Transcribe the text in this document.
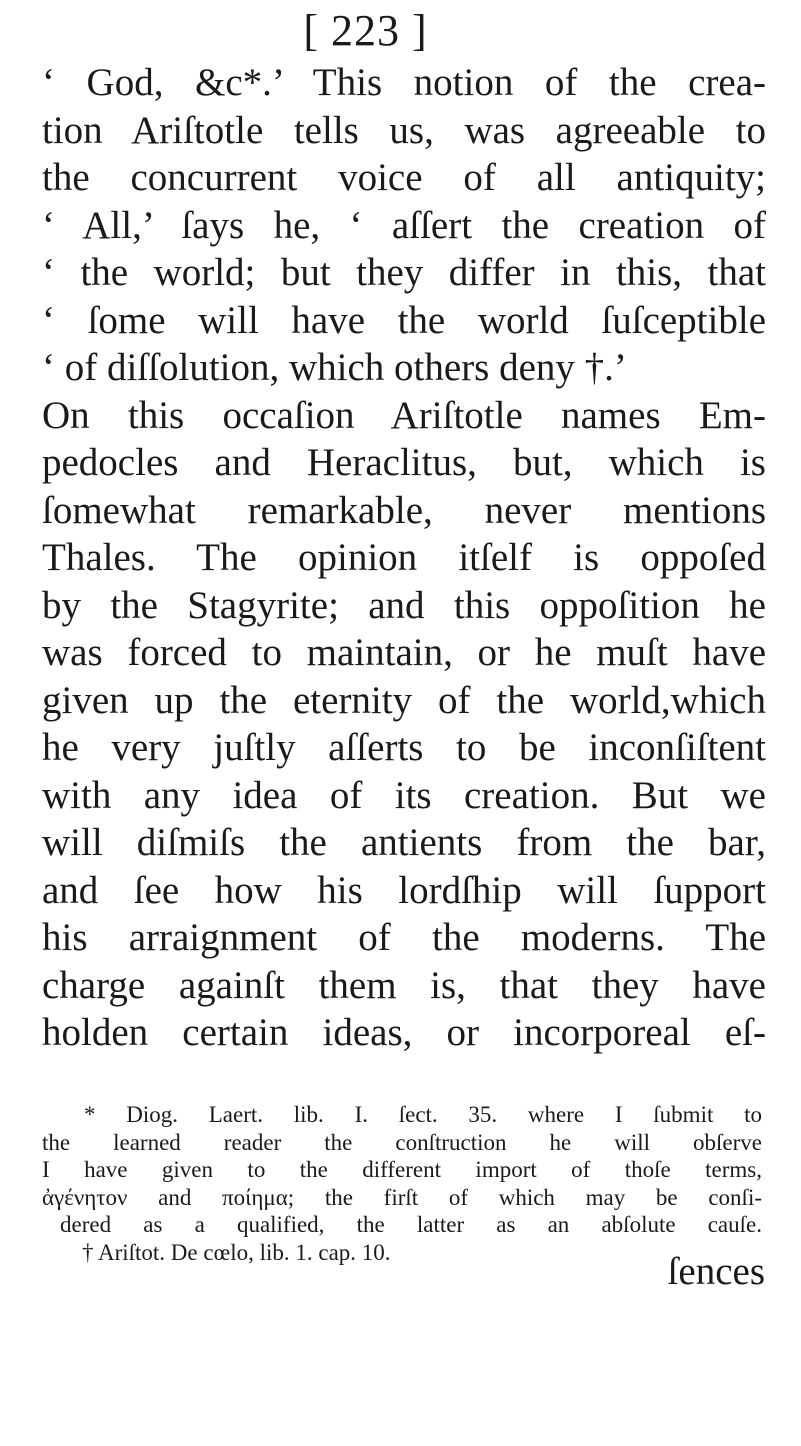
[ 223 ]
‘ God, &c*.’ This notion of the crea-
tion Ariſtotle tells us, was agreeable to
the concurrent voice of all antiquity;
‘ All,’ ſays he, ‘ aſſert the creation of
‘ the world; but they differ in this, that
‘ ſome will have the world ſuſceptible
‘ of diſſolution, which others deny †.’
On this occaſion Ariſtotle names Em-
pedocles and Heraclitus, but, which is
ſomewhat remarkable, never mentions
Thales. The opinion itſelf is oppoſed
by the Stagyrite; and this oppoſition he
was forced to maintain, or he muſt have
given up the eternity of the world,which
he very juſtly aſſerts to be inconſiſtent
with any idea of its creation. But we
will diſmiſs the antients from the bar,
and ſee how his lordſhip will ſupport
his arraignment of the moderns. The
charge againſt them is, that they have
holden certain ideas, or incorporeal eſ-
* Diog. Laert. lib. I. ſect. 35. where I ſubmit to
the learned reader the conſtruction he will obſerve
I have given to the different import of thoſe terms,
ἀγένητον and ποίημα; the firſt of which may be conſi-
dered as a qualified, the latter as an abſolute cauſe.
† Ariſtot. De cœlo, lib. 1. cap. 10.	ſences
